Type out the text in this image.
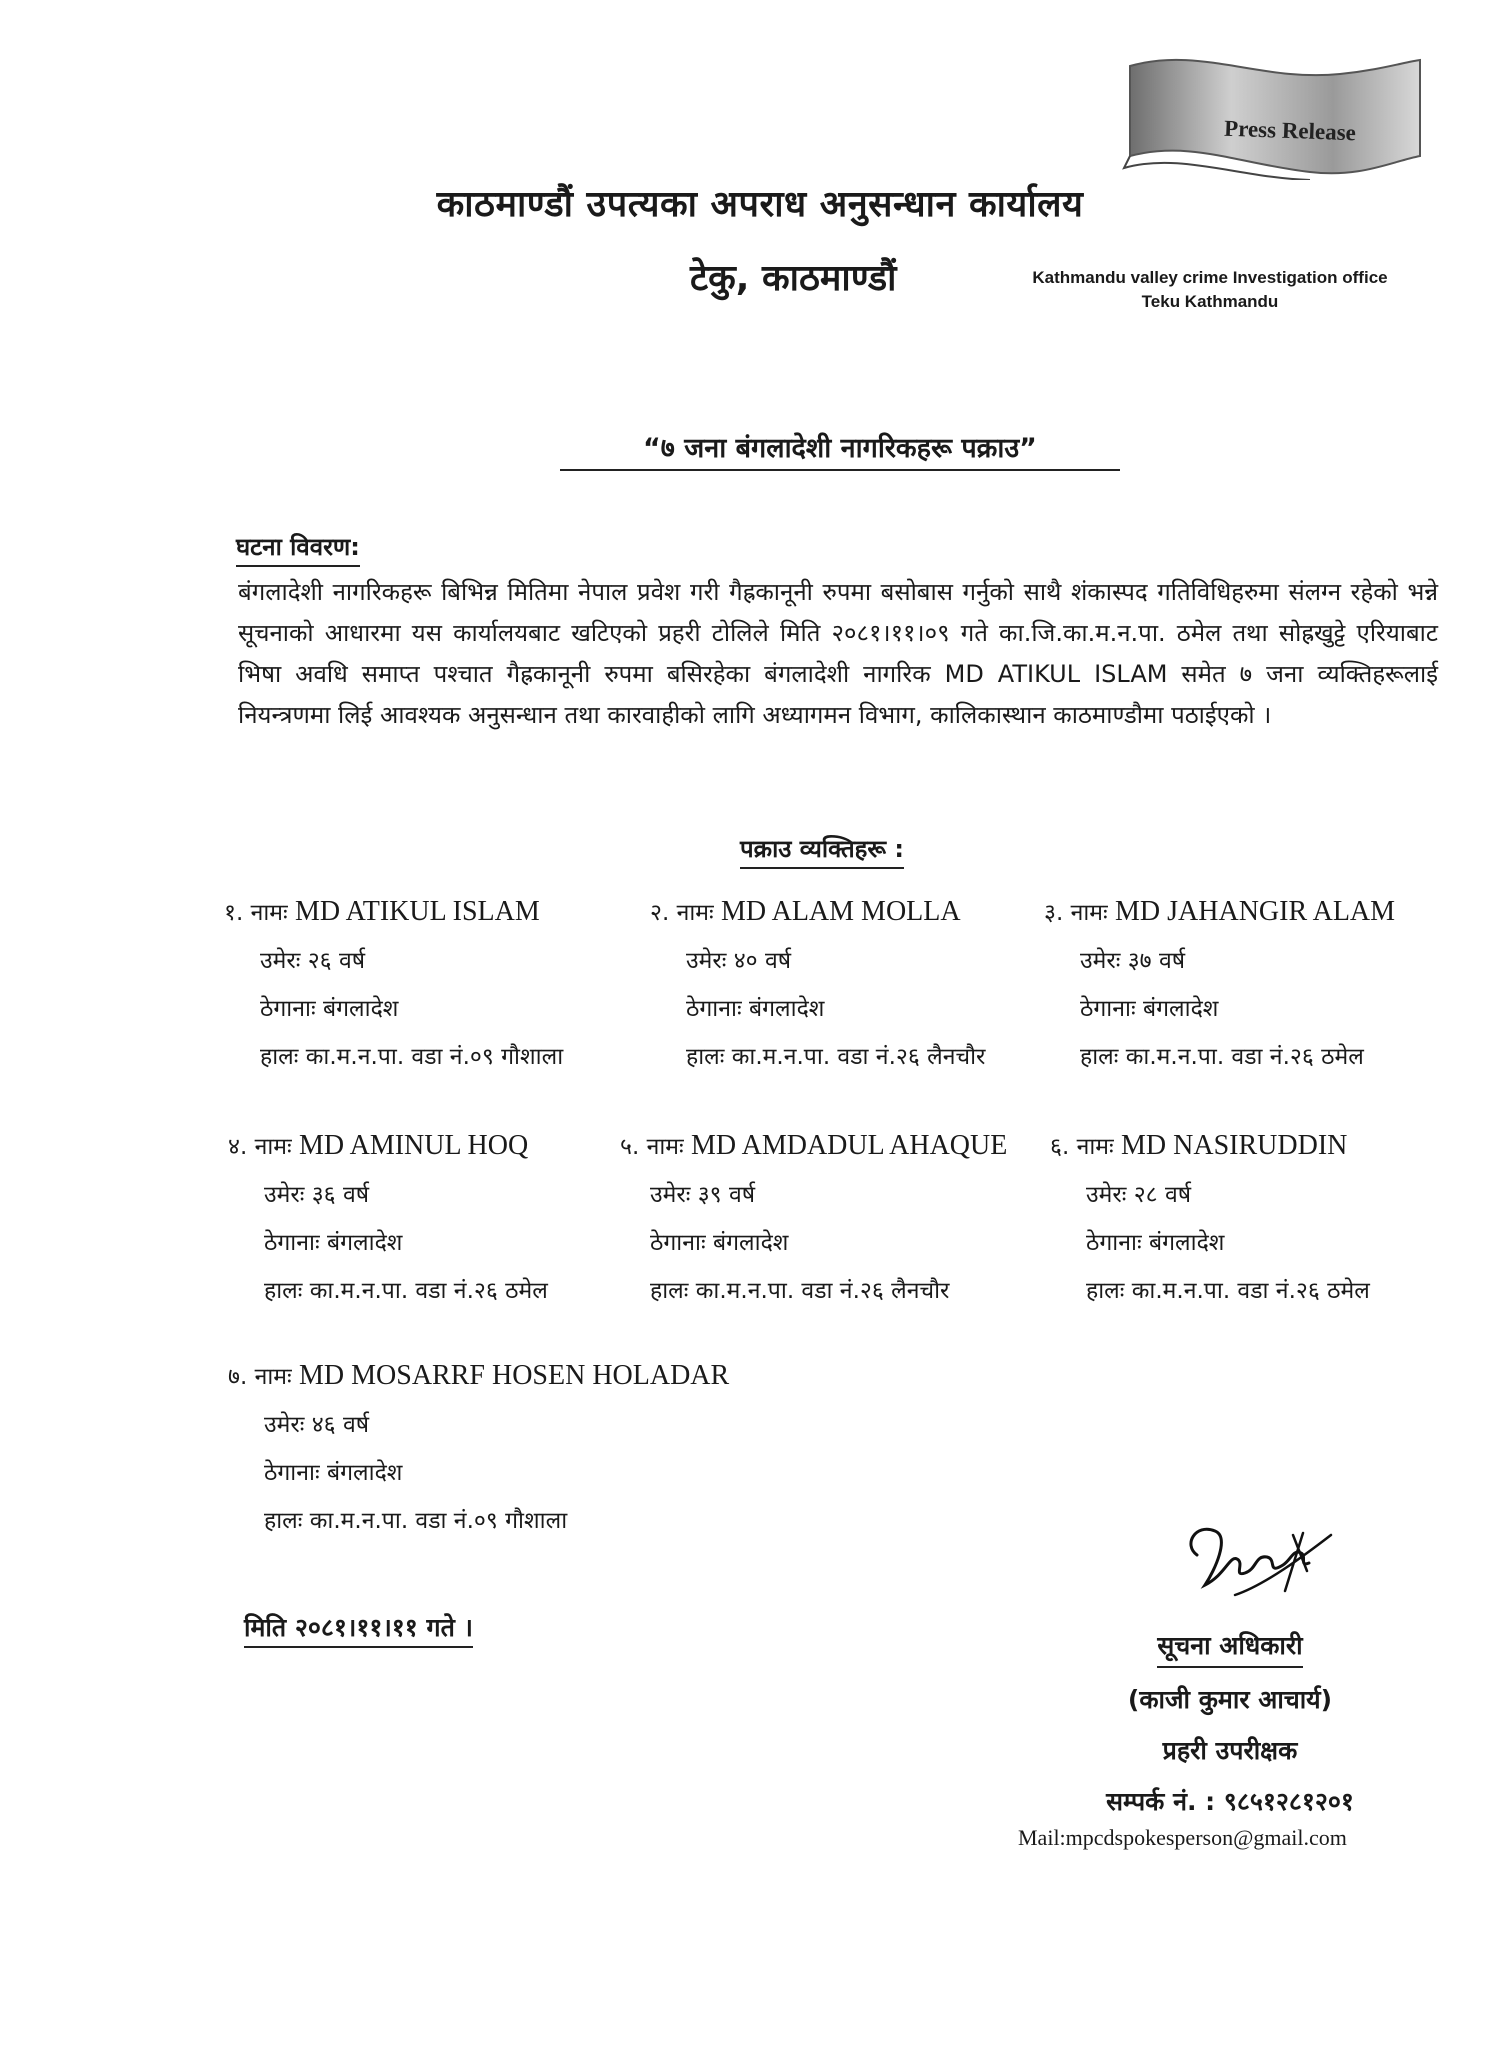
Press Release
काठमाण्डौं उपत्यका अपराध अनुसन्धान कार्यालय
टेकु, काठमाण्डौं	Kathmandu valley crime Investigation office
Teku Kathmandu
“७ जना बंगलादेशी नागरिकहरू पक्राउ”
घटना विवरण:
बंगलादेशी नागरिकहरू बिभिन्न मितिमा नेपाल प्रवेश गरी गैह्रकानूनी रुपमा बसोबास गर्नुको साथै शंकास्पद गतिविधिहरुमा संलग्न रहेको भन्ने सूचनाको आधारमा यस कार्यालयबाट खटिएको प्रहरी टोलिले मिति २०८१।११।०९ गते का.जि.का.म.न.पा. ठमेल तथा सोह्रखुट्टे एरियाबाट भिषा अवधि समाप्त पश्चात गैह्रकानूनी रुपमा बसिरहेका बंगलादेशी नागरिक MD ATIKUL ISLAM समेत ७ जना व्यक्तिहरूलाई नियन्त्रणमा लिई आवश्यक अनुसन्धान तथा कारवाहीको लागि अध्यागमन विभाग, कालिकास्थान काठमाण्डौमा पठाईएको ।
पक्राउ व्यक्तिहरू :
१. नामः MD ATIKUL ISLAM
उमेरः २६ वर्ष
ठेगानाः बंगलादेश
हालः का.म.न.पा. वडा नं.०९ गौशाला
२. नामः MD ALAM MOLLA
उमेरः ४० वर्ष
ठेगानाः बंगलादेश
हालः का.म.न.पा. वडा नं.२६ लैनचौर
३. नामः MD JAHANGIR ALAM
उमेरः ३७ वर्ष
ठेगानाः बंगलादेश
हालः का.म.न.पा. वडा नं.२६ ठमेल
४. नामः MD AMINUL HOQ
उमेरः ३६ वर्ष
ठेगानाः बंगलादेश
हालः का.म.न.पा. वडा नं.२६ ठमेल
५. नामः MD AMDADUL AHAQUE
उमेरः ३९ वर्ष
ठेगानाः बंगलादेश
हालः का.म.न.पा. वडा नं.२६ लैनचौर
६. नामः MD NASIRUDDIN
उमेरः २८ वर्ष
ठेगानाः बंगलादेश
हालः का.म.न.पा. वडा नं.२६ ठमेल
७. नामः MD MOSARRF HOSEN HOLADAR
उमेरः ४६ वर्ष
ठेगानाः बंगलादेश
हालः का.म.न.पा. वडा नं.०९ गौशाला
मिति २०८१।११।११ गते ।
सूचना अधिकारी
(काजी कुमार आचार्य)
प्रहरी उपरीक्षक
सम्पर्क नं. : ९८५१२८१२०१
Mail:mpcdspokesperson@gmail.com
